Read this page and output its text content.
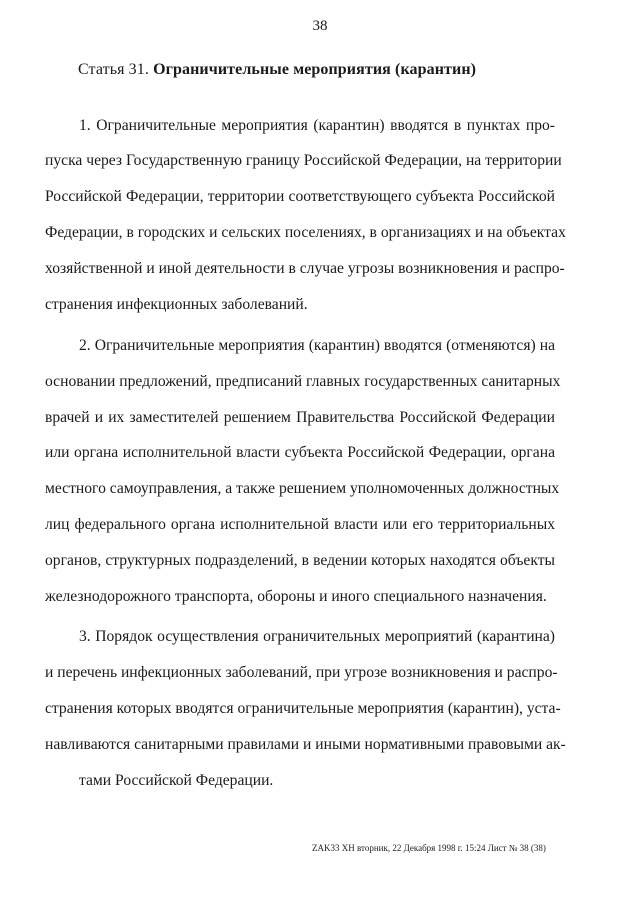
38
Статья 31. Ограничительные мероприятия (карантин)
1. Ограничительные мероприятия (карантин) вводятся в пунктах про-
пуска через Государственную границу Российской Федерации, на территории
Российской Федерации, территории соответствующего субъекта Российской
Федерации, в городских и сельских поселениях, в организациях и на объектах
хозяйственной и иной деятельности в случае угрозы возникновения и распро-
странения инфекционных заболеваний.
2. Ограничительные мероприятия (карантин) вводятся (отменяются) на
основании предложений, предписаний главных государственных санитарных
врачей и их заместителей решением Правительства Российской Федерации
или органа исполнительной власти субъекта Российской Федерации, органа
местного самоуправления, а также решением уполномоченных должностных
лиц федерального органа исполнительной власти или его территориальных
органов, структурных подразделений, в ведении которых находятся объекты
железнодорожного транспорта, обороны и иного специального назначения.
3. Порядок осуществления ограничительных мероприятий (карантина)
и перечень инфекционных заболеваний, при угрозе возникновения и распро-
странения которых вводятся ограничительные мероприятия (карантин), уста-
навливаются санитарными правилами и иными нормативными правовыми ак-
тами Российской Федерации.
ZAK33 XH вторник, 22 Декабря 1998 г. 15:24 Лист № 38 (38)
